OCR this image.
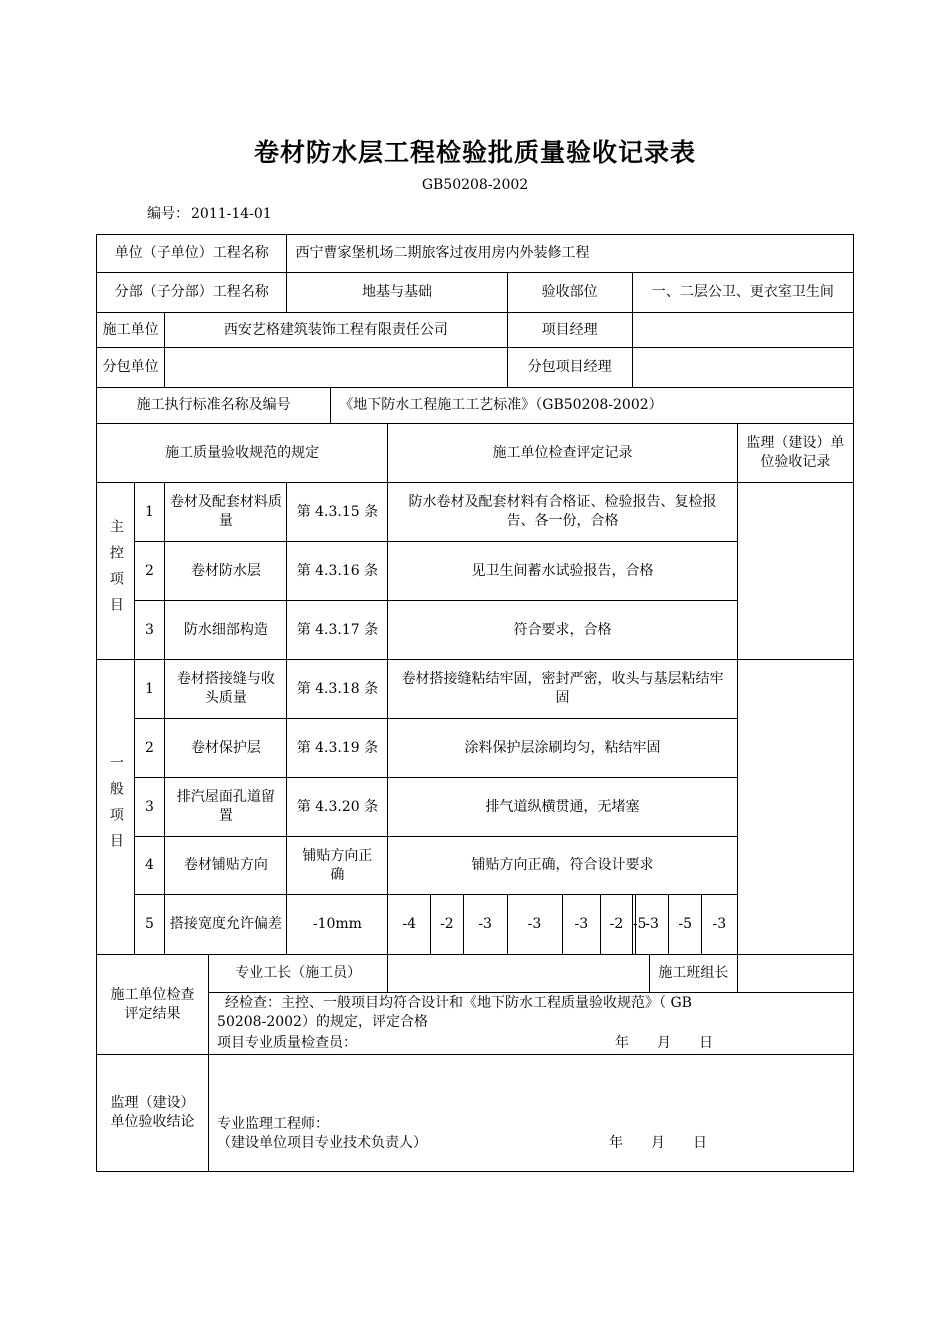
卷材防水层工程检验批质量验收记录表
GB50208-2002
编号： 2011-14-01
单位（子单位）工程名称				西宁曹家堡机场二期旅客过夜用房内外装修工程													
分部（子分部）工程名称				地基与基础					验收部位			一、二层公卫、更衣室卫生间					
施工单位		西安艺格建筑装饰工程有限责任公司							项目经理								
分包单位									分包项目经理								
施工执行标准名称及编号					《地下防水工程施工工艺标准》（GB50208-2002）												
施工质量验收规范的规定						施工单位检查评定记录											监理（建设）单位验收记录
主控项目	1	卷材及配套材料质量		第 4.3.15 条		防水卷材及配套材料有合格证、检验报告、复检报告、各一份，合格											
	2	卷材防水层		第 4.3.16 条		见卫生间蓄水试验报告，合格											
	3	防水细部构造		第 4.3.17 条		符合要求，合格											
一般项目	1	卷材搭接缝与收头质量		第 4.3.18 条		卷材搭接缝粘结牢固，密封严密，收头与基层粘结牢固											
	2	卷材保护层		第 4.3.19 条		涂料保护层涂刷均匀，粘结牢固											
	3	排汽屋面孔道留置		第 4.3.20 条		排气道纵横贯通，无堵塞											
	4	卷材铺贴方向		铺贴方向正确		铺贴方向正确，符合设计要求											
	5	搭接宽度允许偏差		-10mm		-4	-2	-3	-3	-3	-2	-5	-3		-5	-3	
施工单位检查评定结果			专业工长（施工员）											施工班组长			

			经检查：主控、一般项目均符合设计和《地下防水工程质量验收规范》（ GB
50208-2002）的规定，评定合格
项目专业质量检查员： 年　　月　　日														

监理（建设）单位验收结论			专业监理工程师：
（建设单位项目专业技术负责人） 年　　月　　日														
